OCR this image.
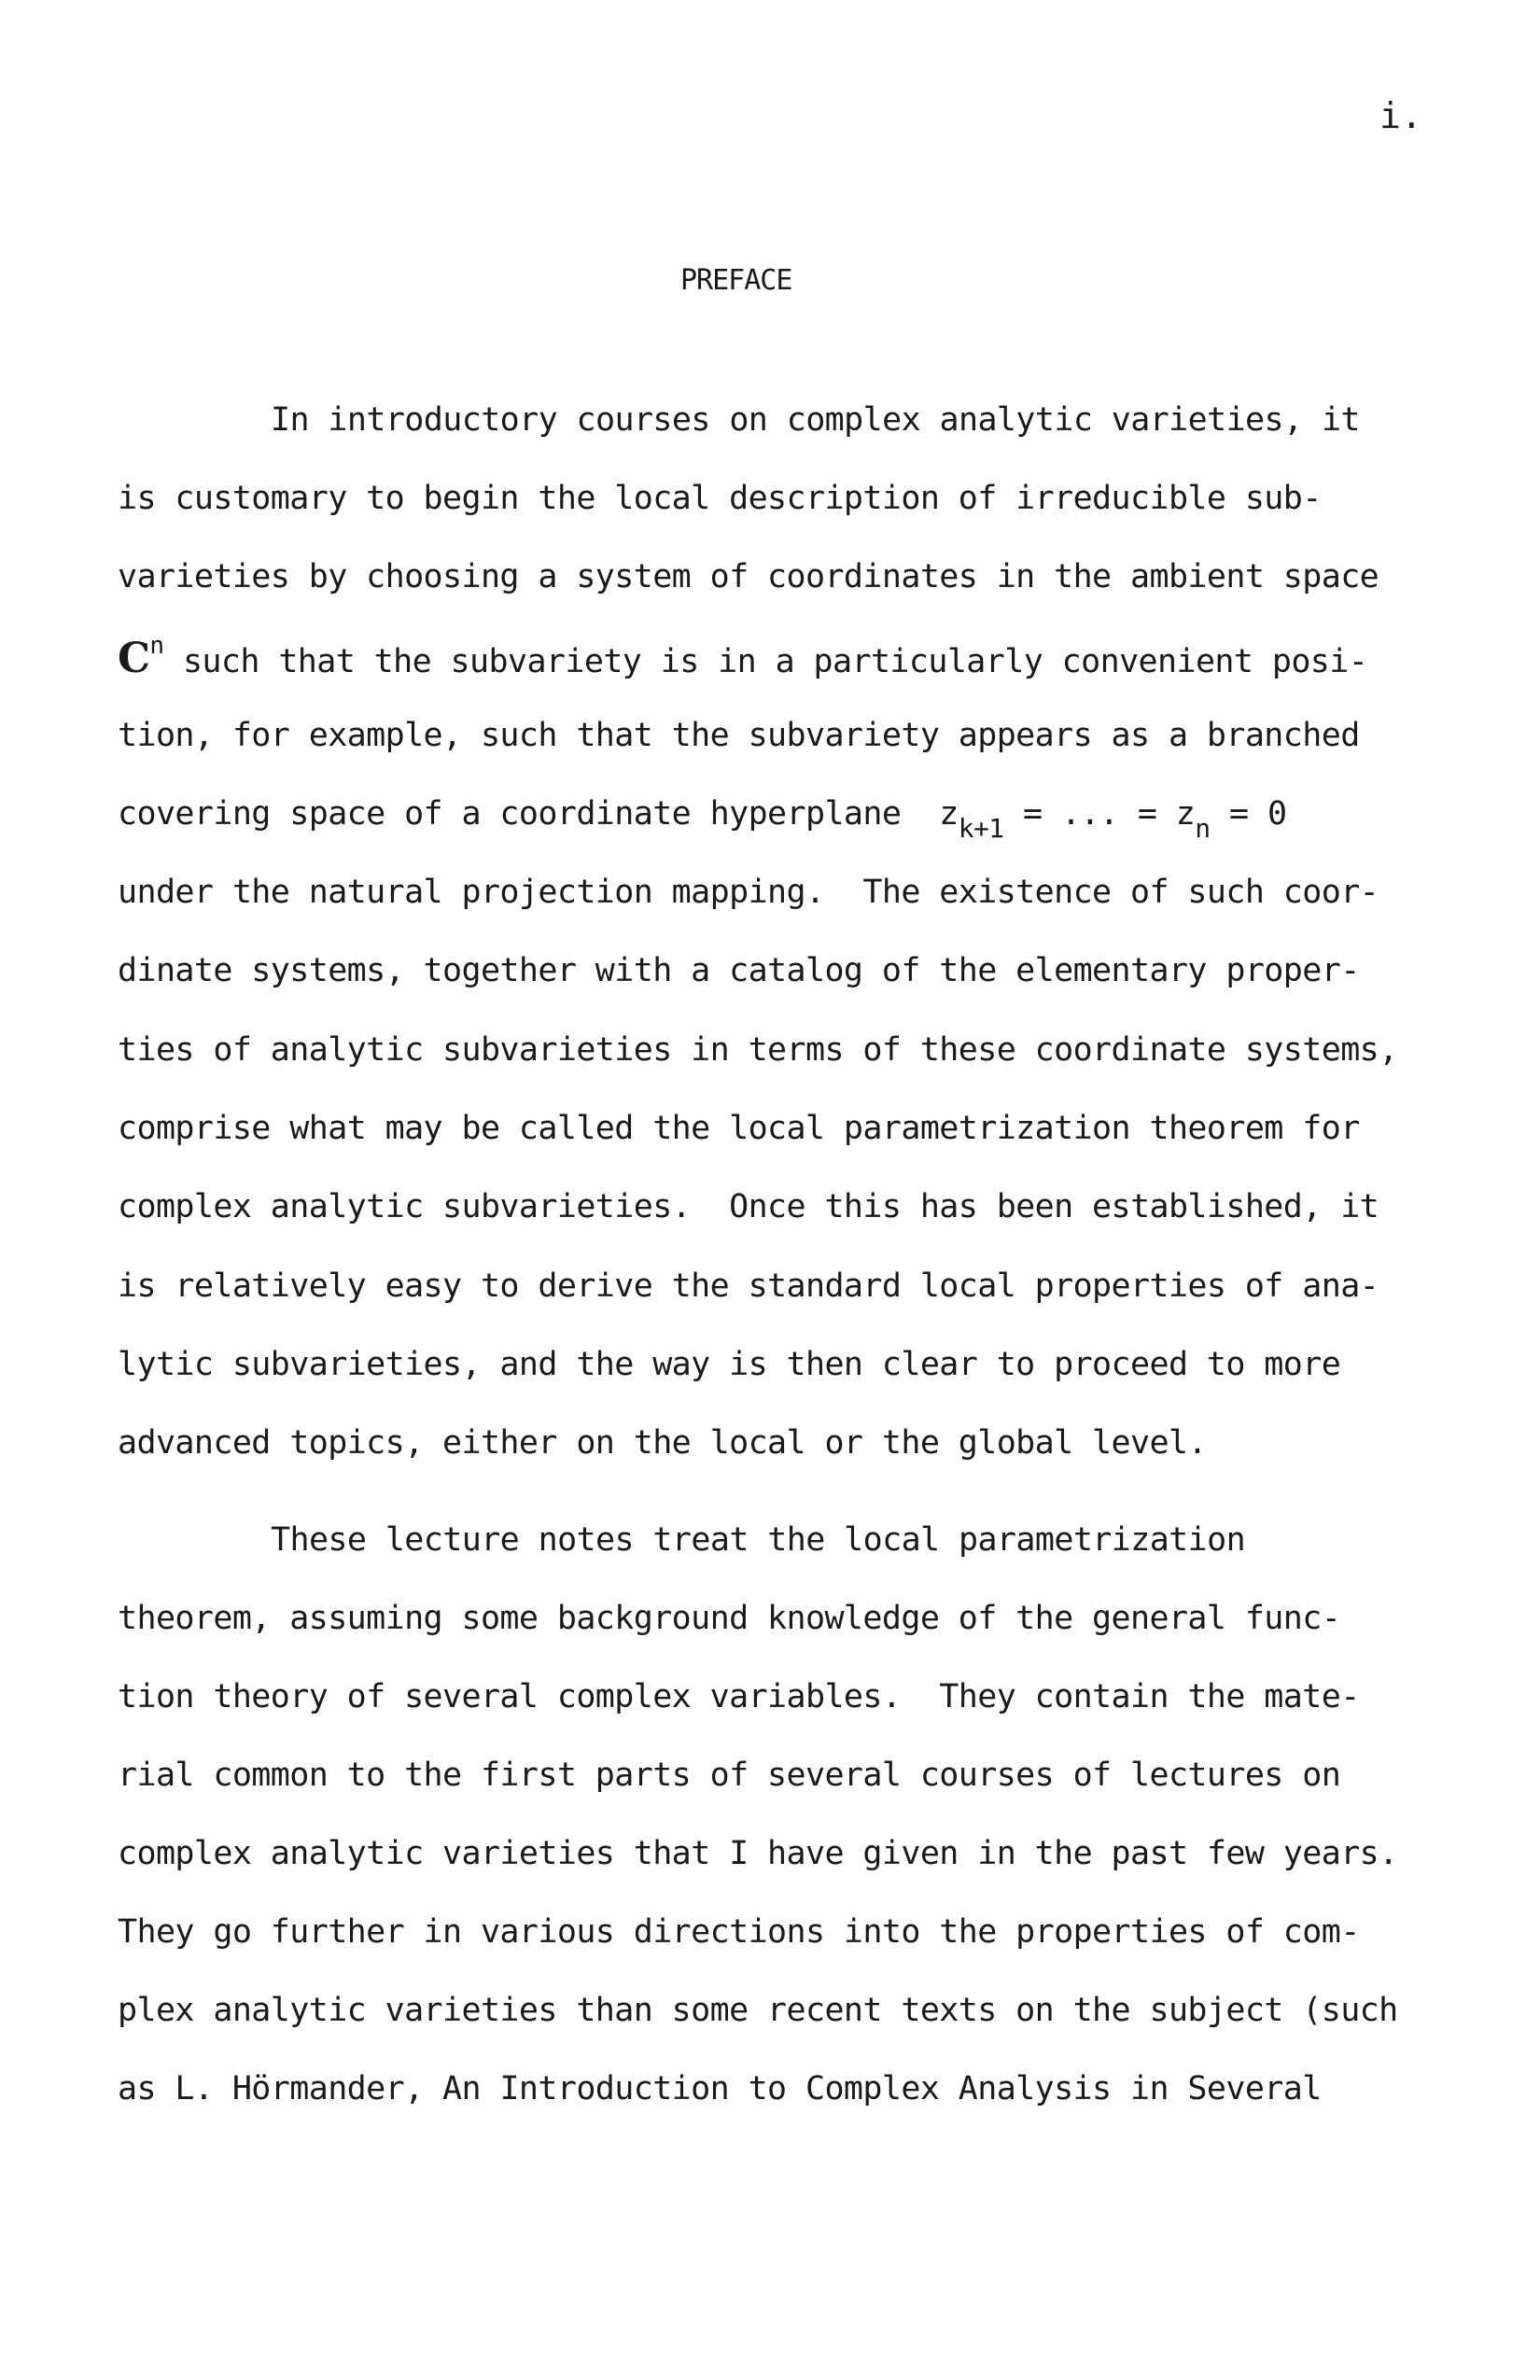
i.
PREFACE
In introductory courses on complex analytic varieties, it
is customary to begin the local description of irreducible sub-
varieties by choosing a system of coordinates in the ambient space
$C^n$ such that the subvariety is in a particularly convenient posi-
tion, for example, such that the subvariety appears as a branched
covering space of a coordinate hyperplane  $z_{k+1}$ = ... = $z_n = 0$
under the natural projection mapping.  The existence of such coor-
dinate systems, together with a catalog of the elementary proper-
ties of analytic subvarieties in terms of these coordinate systems,
comprise what may be called the local parametrization theorem for
complex analytic subvarieties.  Once this has been established, it
is relatively easy to derive the standard local properties of ana-
lytic subvarieties, and the way is then clear to proceed to more
advanced topics, either on the local or the global level.
These lecture notes treat the local parametrization
theorem, assuming some background knowledge of the general func-
tion theory of several complex variables.  They contain the mate-
rial common to the first parts of several courses of lectures on
complex analytic varieties that I have given in the past few years.
They go further in various directions into the properties of com-
plex analytic varieties than some recent texts on the subject (such
as L. Hörmander, An Introduction to Complex Analysis in Several
